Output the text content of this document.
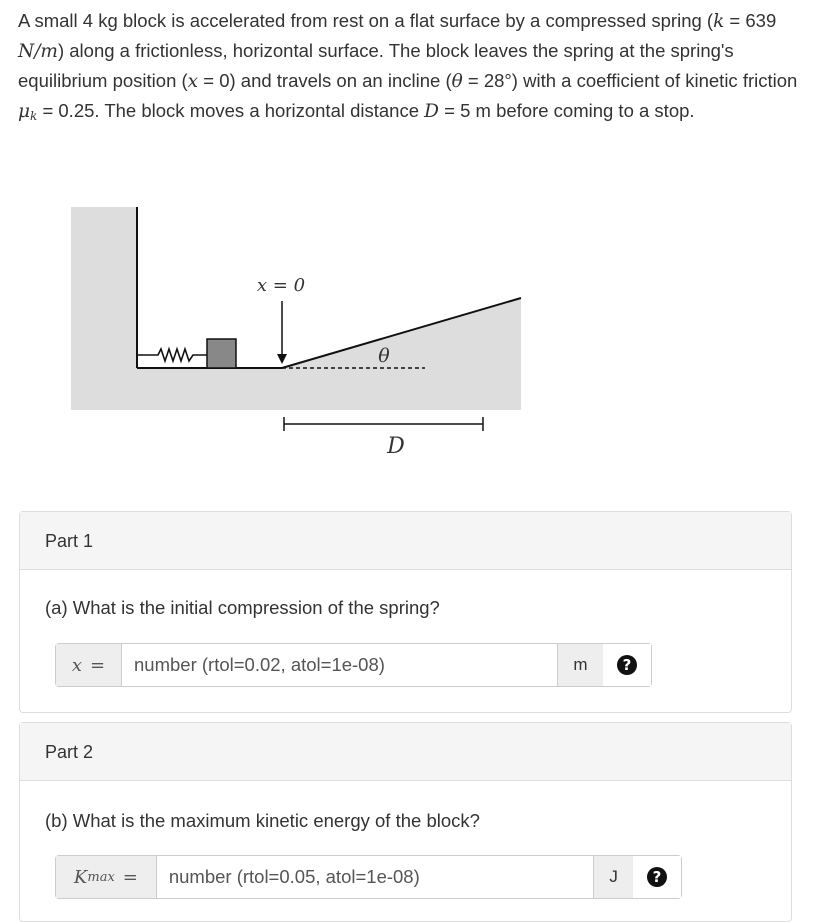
A small 4 kg block is accelerated from rest on a flat surface by a compressed spring (k = 639 N/m) along a frictionless, horizontal surface. The block leaves the spring at the spring's equilibrium position (x = 0) and travels on an incline (θ = 28°) with a coefficient of kinetic friction $\mu_k = 0.25$. The block moves a horizontal distance D = 5 m before coming to a stop.
x = 0
θ
D
Part 1
(a) What is the initial compression of the spring?
x =
number (rtol=0.02, atol=1e-08)	m	?
Part 2
(b) What is the maximum kinetic energy of the block?
K max =
number (rtol=0.05, atol=1e-08)	J	?
